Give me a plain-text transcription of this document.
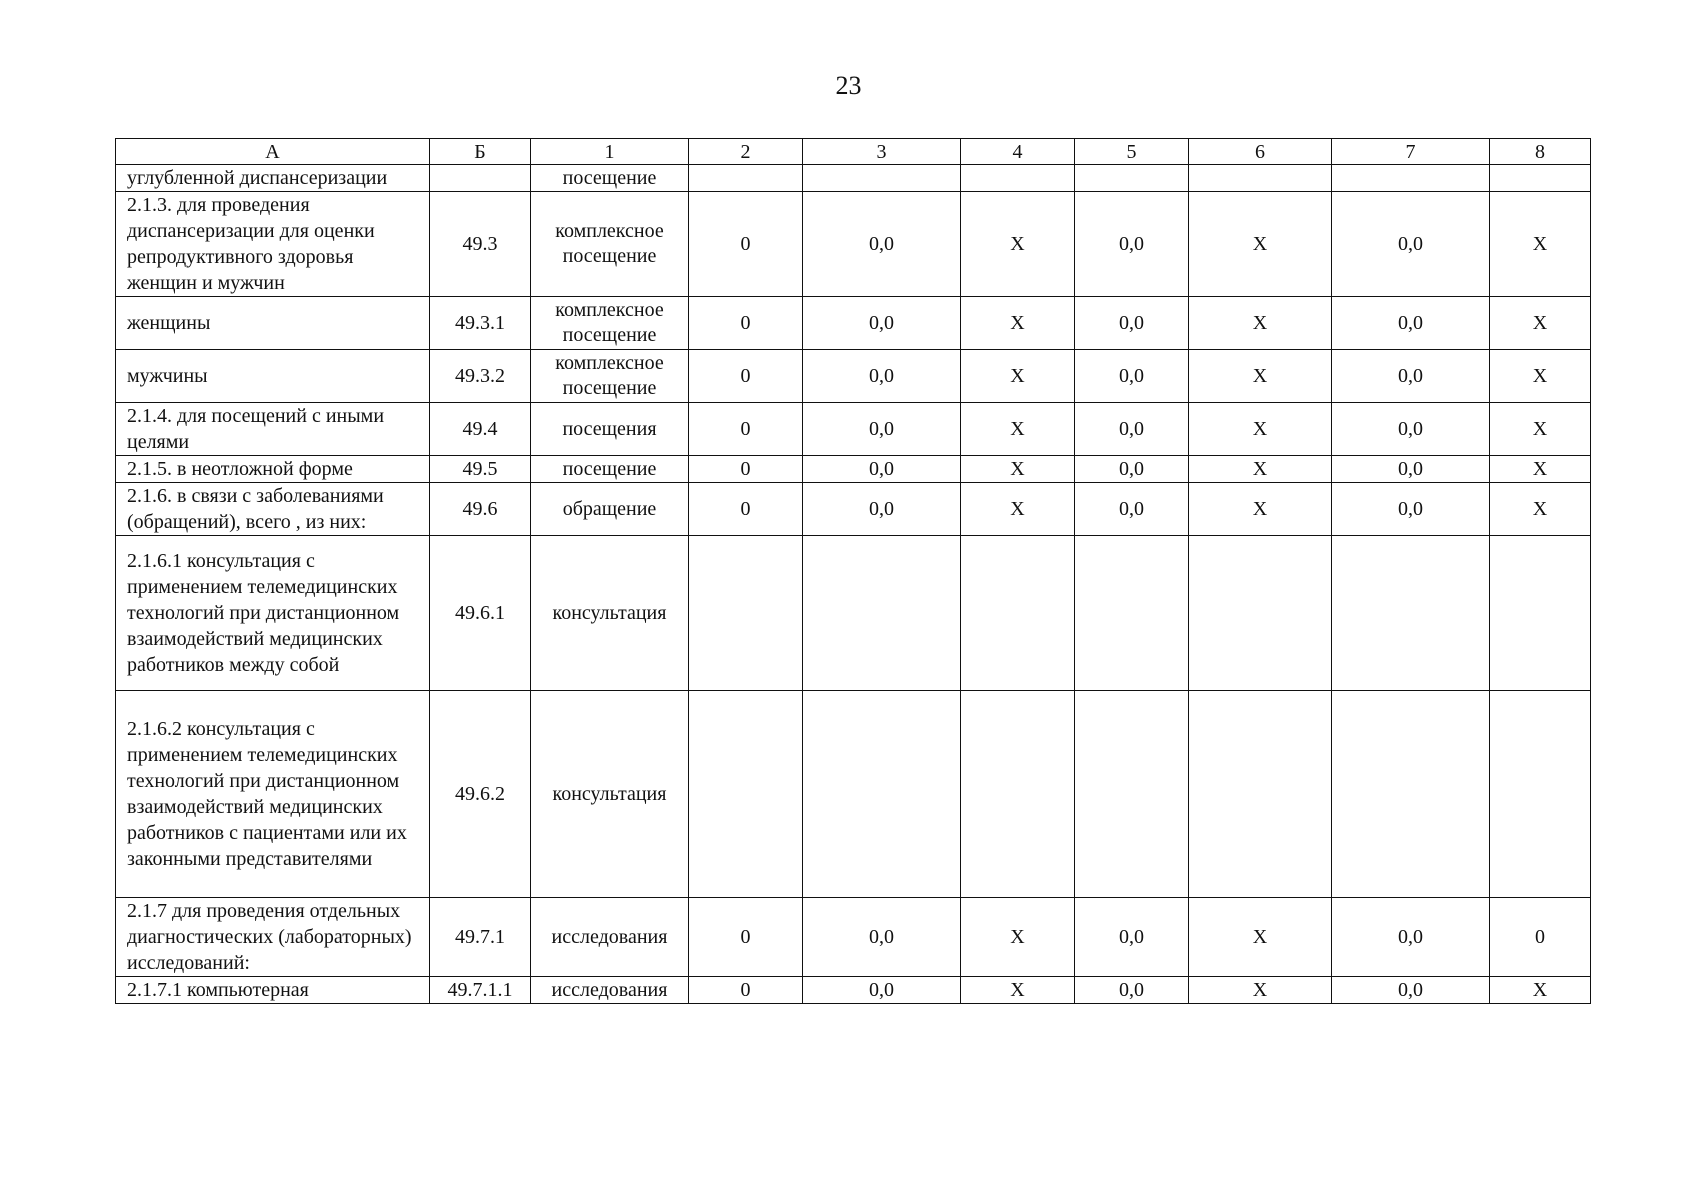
23
А	Б	1	2	3	4	5	6	7	8
углубленной диспансеризации		посещение							
2.1.3. для проведения диспансеризации для оценки репродуктивного здоровья женщин и мужчин	49.3	комплексное посещение	0	0,0	Х	0,0	Х	0,0	Х
женщины	49.3.1	комплексное посещение	0	0,0	Х	0,0	Х	0,0	Х
мужчины	49.3.2	комплексное посещение	0	0,0	Х	0,0	Х	0,0	Х
2.1.4. для посещений с иными целями	49.4	посещения	0	0,0	Х	0,0	Х	0,0	Х
2.1.5. в неотложной форме	49.5	посещение	0	0,0	Х	0,0	Х	0,0	Х
2.1.6. в связи с заболеваниями (обращений), всего , из них:	49.6	обращение	0	0,0	Х	0,0	Х	0,0	Х
2.1.6.1 консультация с применением телемедицинских технологий при дистанционном взаимодействий медицинских работников между собой	49.6.1	консультация							
2.1.6.2 консультация с применением телемедицинских технологий при дистанционном взаимодействий медицинских работников с пациентами или их законными представителями	49.6.2	консультация							
2.1.7 для проведения отдельных диагностических (лабораторных) исследований:	49.7.1	исследования	0	0,0	Х	0,0	Х	0,0	0
2.1.7.1 компьютерная	49.7.1.1	исследования	0	0,0	Х	0,0	Х	0,0	Х
